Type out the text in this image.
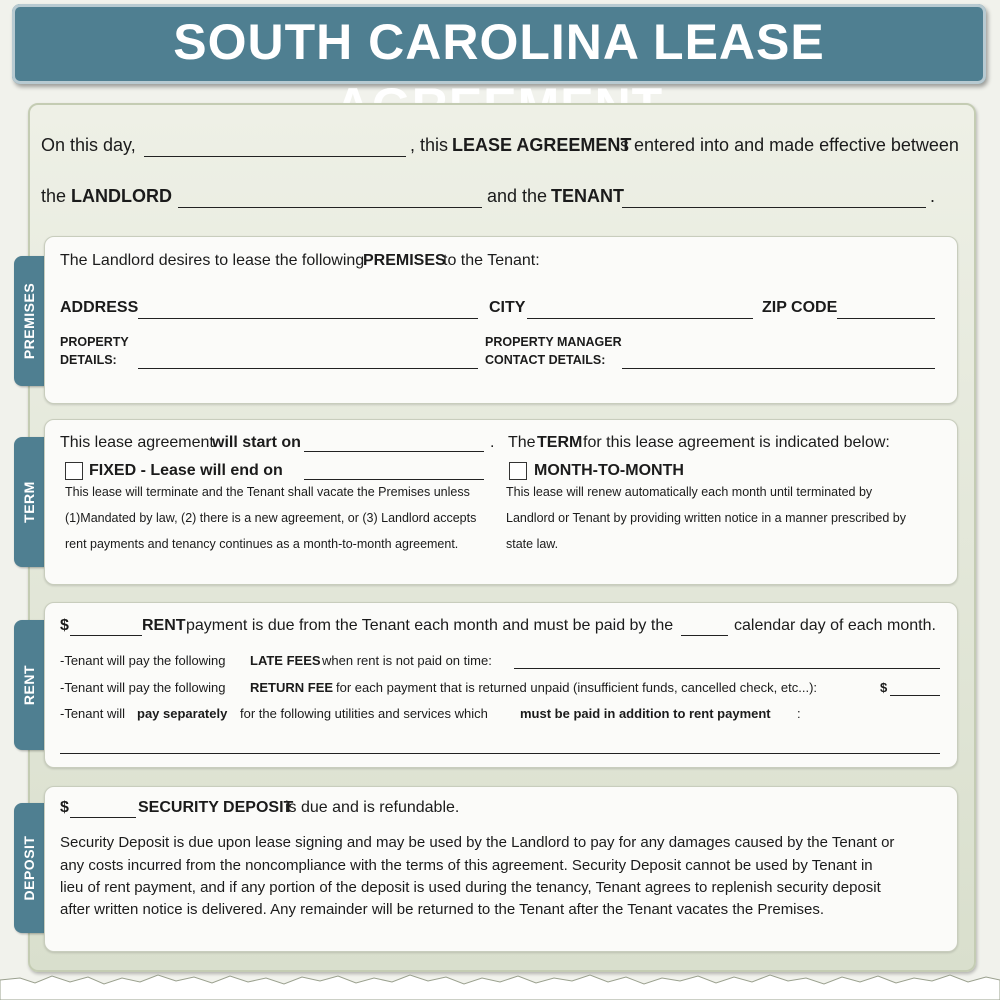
SOUTH CAROLINA LEASE
On this day,	, this LEASE AGREEMENT
is entered into and made effective between
the LANDLORD	and the TENANT	.
PREMISES
The Landlord desires to lease the following
PREMISES
to the Tenant:
ADDRESS	CITY	ZIP CODE
PROPERTY
DETAILS:
PROPERTY MANAGER
CONTACT DETAILS:
TERM
This lease agreement
will start on	. The TERM for this lease agreement is indicated below:
FIXED - Lease will end on
This lease will terminate and the Tenant shall vacate the Premises unless
(1)Mandated by law, (2) there is a new agreement, or (3) Landlord accepts
rent payments and tenancy continues as a month-to-month agreement.
MONTH-TO-MONTH
This lease will renew automatically each month until terminated by
Landlord or Tenant by providing written notice in a manner prescribed by
state law.
RENT
$	RENT payment is due from the Tenant each month and must be paid by the	calendar day of each month.
-Tenant will pay the following LATE FEES when rent is not paid on time:
-Tenant will pay the following RETURN FEE for each payment that is returned unpaid (insufficient funds, cancelled check, etc...):	$
-Tenant will pay separately for the following utilities and services which must be paid in addition to rent payment :
DEPOSIT
$	SECURITY DEPOSIT
is due and is refundable.
Security Deposit is due upon lease signing and may be used by the Landlord to pay for any damages caused by the Tenant or
any costs incurred from the noncompliance with the terms of this agreement. Security Deposit cannot be used by Tenant in
lieu of rent payment, and if any portion of the deposit is used during the tenancy, Tenant agrees to replenish security deposit
after written notice is delivered. Any remainder will be returned to the Tenant after the Tenant vacates the Premises.
